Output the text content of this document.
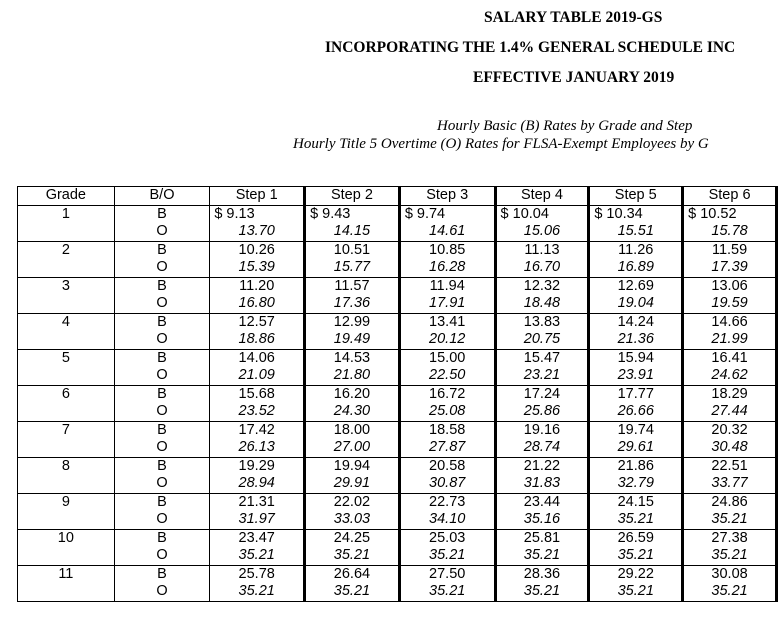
SALARY TABLE 2019-GS
INCORPORATING THE 1.4% GENERAL SCHEDULE INC
EFFECTIVE JANUARY 2019
Hourly Basic (B) Rates by Grade and Step
Hourly Title 5 Overtime (O) Rates for FLSA-Exempt Employees by G
Grade	B/O	Step 1	Step 2	Step 3	Step 4	Step 5	Step 6
1	B	$ 9.13	$ 9.43	$ 9.74	$ 10.04	$ 10.34	$ 10.52
	O	13.70	14.15	14.61	15.06	15.51	15.78
2	B	10.26	10.51	10.85	11.13	11.26	11.59
	O	15.39	15.77	16.28	16.70	16.89	17.39
3	B	11.20	11.57	11.94	12.32	12.69	13.06
	O	16.80	17.36	17.91	18.48	19.04	19.59
4	B	12.57	12.99	13.41	13.83	14.24	14.66
	O	18.86	19.49	20.12	20.75	21.36	21.99
5	B	14.06	14.53	15.00	15.47	15.94	16.41
	O	21.09	21.80	22.50	23.21	23.91	24.62
6	B	15.68	16.20	16.72	17.24	17.77	18.29
	O	23.52	24.30	25.08	25.86	26.66	27.44
7	B	17.42	18.00	18.58	19.16	19.74	20.32
	O	26.13	27.00	27.87	28.74	29.61	30.48
8	B	19.29	19.94	20.58	21.22	21.86	22.51
	O	28.94	29.91	30.87	31.83	32.79	33.77
9	B	21.31	22.02	22.73	23.44	24.15	24.86
	O	31.97	33.03	34.10	35.16	35.21	35.21
10	B	23.47	24.25	25.03	25.81	26.59	27.38
	O	35.21	35.21	35.21	35.21	35.21	35.21
11	B	25.78	26.64	27.50	28.36	29.22	30.08
	O	35.21	35.21	35.21	35.21	35.21	35.21
